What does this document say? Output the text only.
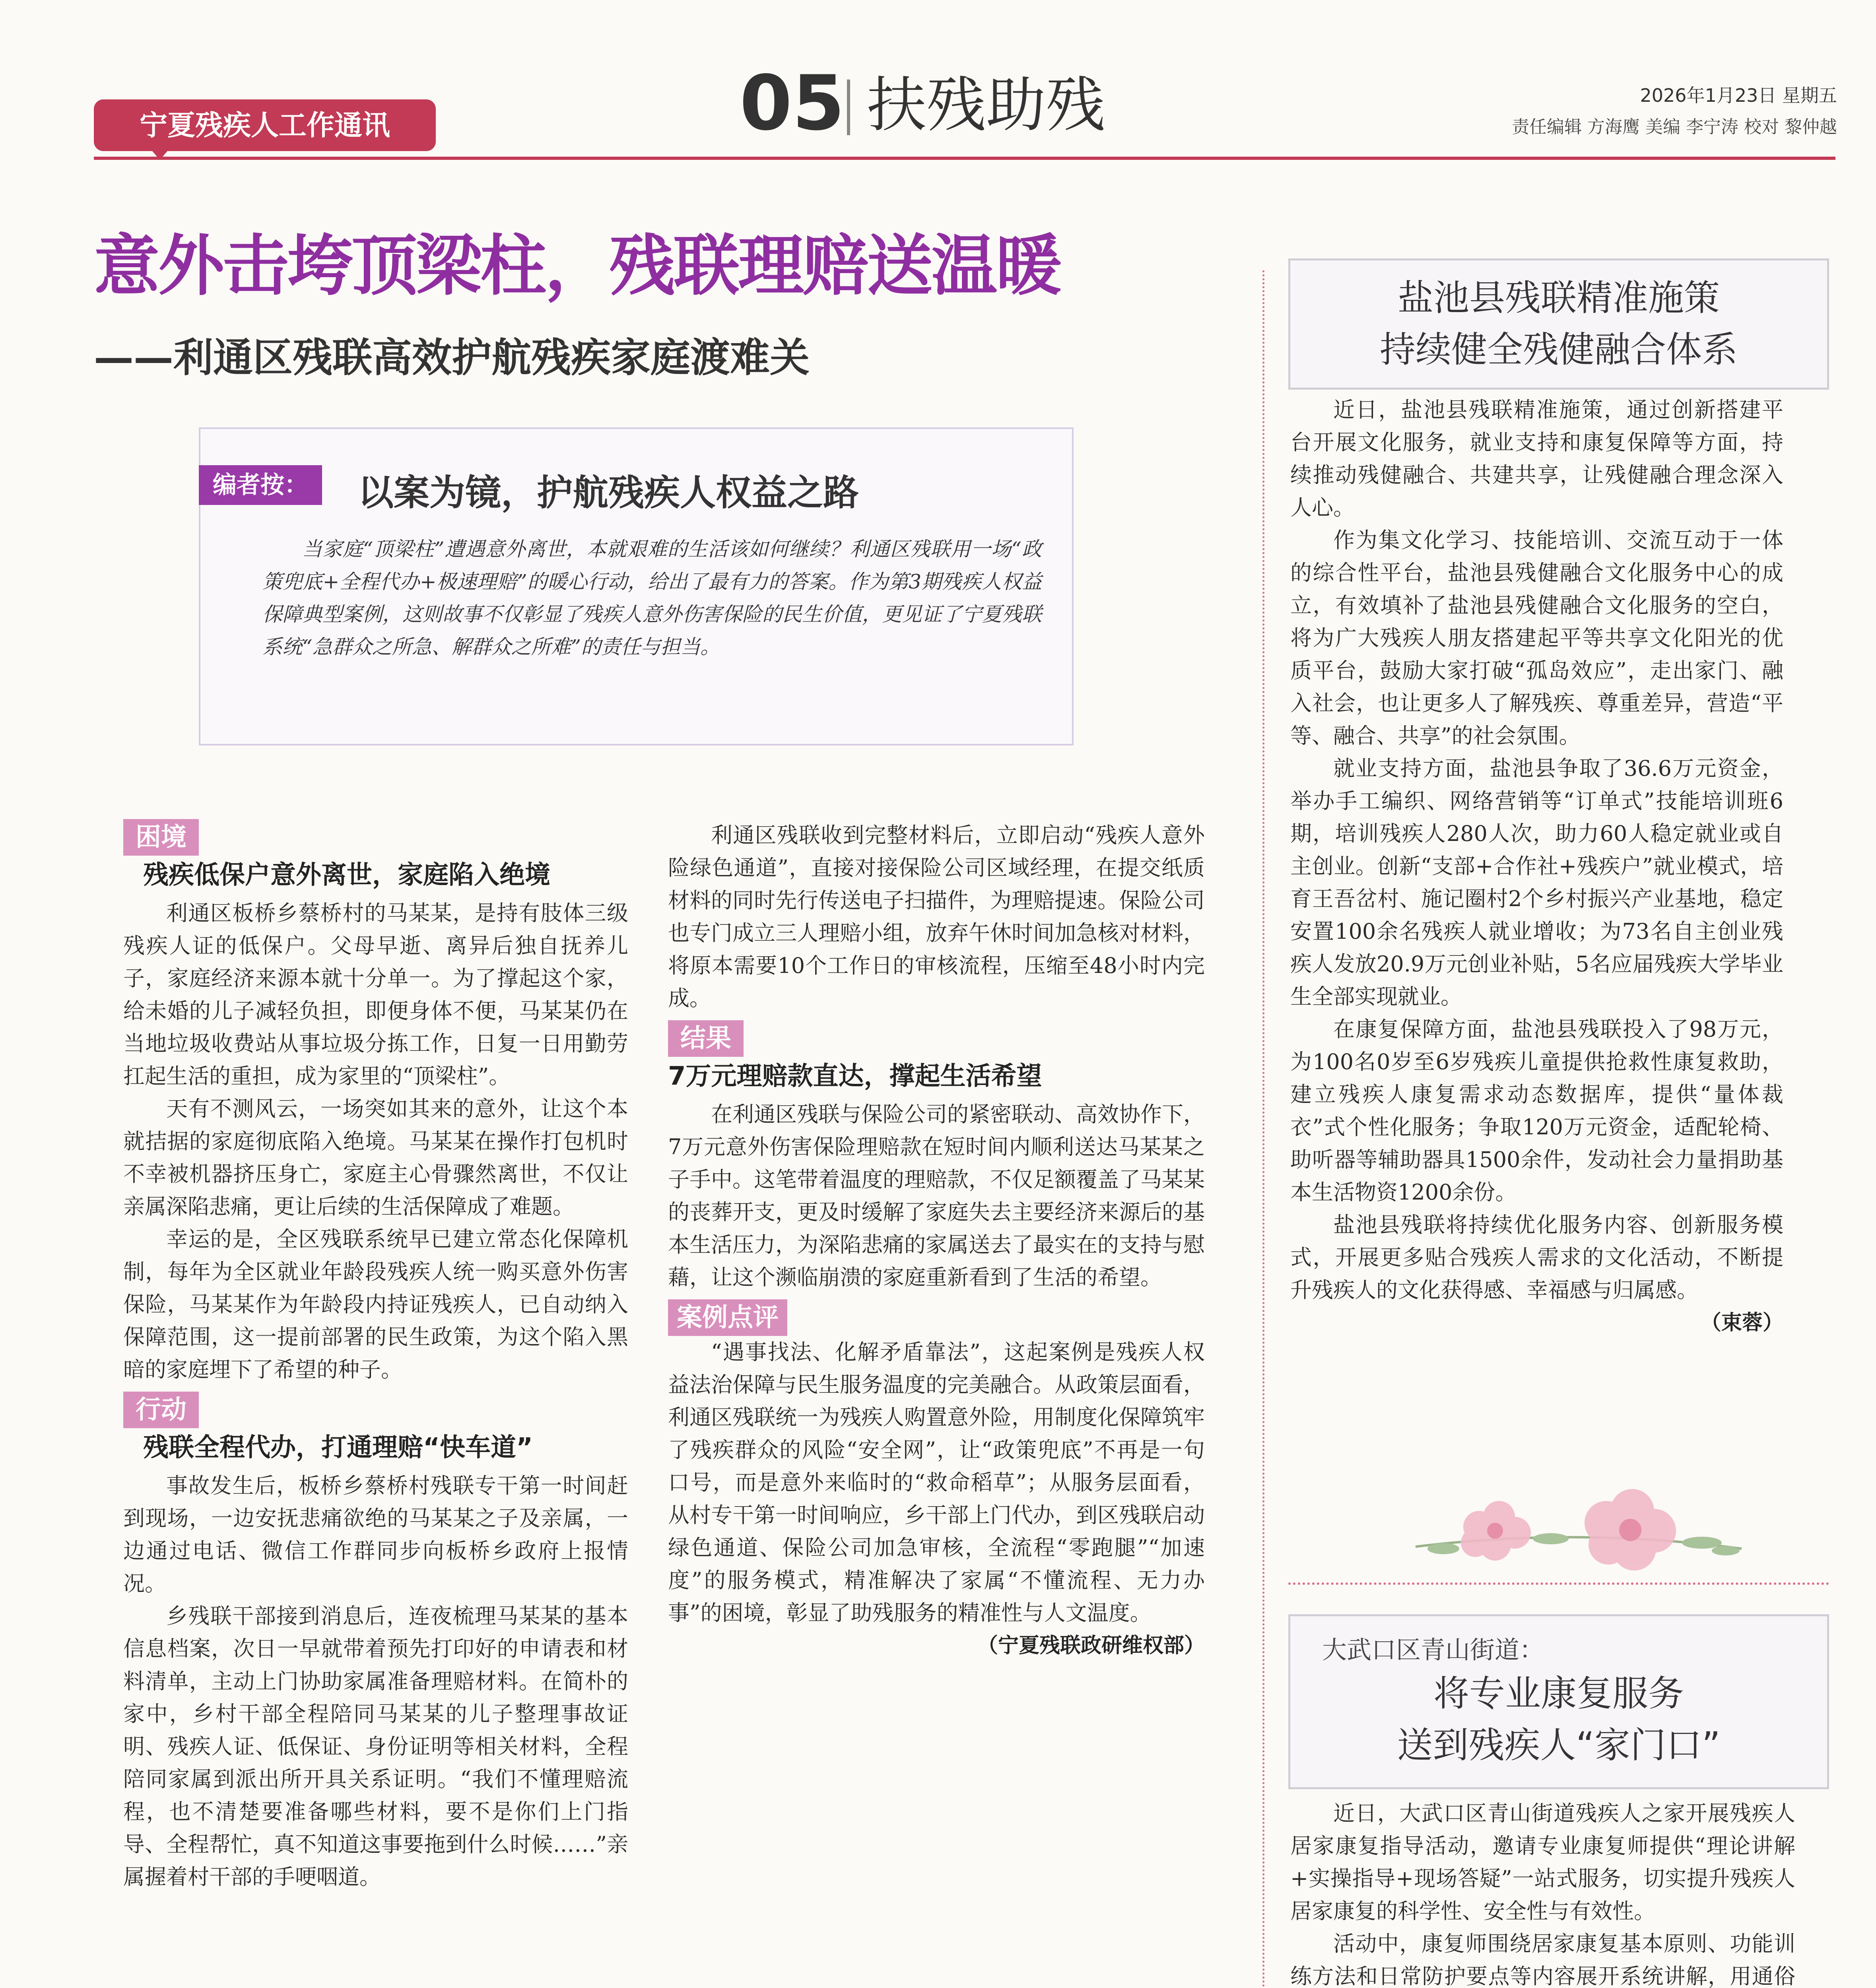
宁夏残疾人工作通讯	05 扶残助残	2026年1月23日 星期五
责任编辑 方海鹰 美编 李宁涛 校对 黎仲越
意外击垮顶梁柱，残联理赔送温暖
——利通区残联高效护航残疾家庭渡难关
编者按：	以案为镜，护航残疾人权益之路

当家庭“顶梁柱”遭遇意外离世，本就艰难的生活该如何继续？利通区残联用一场“政策兜底+全程代办+极速理赔”的暖心行动，给出了最有力的答案。作为第3期残疾人权益保障典型案例，这则故事不仅彰显了残疾人意外伤害保险的民生价值，更见证了宁夏残联系统“急群众之所急、解群众之所难”的责任与担当。

困境
残疾低保户意外离世，家庭陷入绝境

利通区板桥乡蔡桥村的马某某，是持有肢体三级残疾人证的低保户。父母早逝、离异后独自抚养儿子，家庭经济来源本就十分单一。为了撑起这个家，给未婚的儿子减轻负担，即便身体不便，马某某仍在当地垃圾收费站从事垃圾分拣工作，日复一日用勤劳扛起生活的重担，成为家里的“顶梁柱”。

天有不测风云，一场突如其来的意外，让这个本就拮据的家庭彻底陷入绝境。马某某在操作打包机时不幸被机器挤压身亡，家庭主心骨骤然离世，不仅让亲属深陷悲痛，更让后续的生活保障成了难题。

幸运的是，全区残联系统早已建立常态化保障机制，每年为全区就业年龄段残疾人统一购买意外伤害保险，马某某作为年龄段内持证残疾人，已自动纳入保障范围，这一提前部署的民生政策，为这个陷入黑暗的家庭埋下了希望的种子。

行动
残联全程代办，打通理赔“快车道”

事故发生后，板桥乡蔡桥村残联专干第一时间赶到现场，一边安抚悲痛欲绝的马某某之子及亲属，一边通过电话、微信工作群同步向板桥乡政府上报情况。

乡残联干部接到消息后，连夜梳理马某某的基本信息档案，次日一早就带着预先打印好的申请表和材料清单，主动上门协助家属准备理赔材料。在简朴的家中，乡村干部全程陪同马某某的儿子整理事故证明、残疾人证、低保证、身份证明等相关材料，全程陪同家属到派出所开具关系证明。“我们不懂理赔流程，也不清楚要准备哪些材料，要不是你们上门指导、全程帮忙，真不知道这事要拖到什么时候……”亲属握着村干部的手哽咽道。

利通区残联收到完整材料后，立即启动“残疾人意外险绿色通道”，直接对接保险公司区域经理，在提交纸质材料的同时先行传送电子扫描件，为理赔提速。保险公司也专门成立三人理赔小组，放弃午休时间加急核对材料，将原本需要10个工作日的审核流程，压缩至48小时内完成。

结果
7万元理赔款直达，撑起生活希望

在利通区残联与保险公司的紧密联动、高效协作下，7万元意外伤害保险理赔款在短时间内顺利送达马某某之子手中。这笔带着温度的理赔款，不仅足额覆盖了马某某的丧葬开支，更及时缓解了家庭失去主要经济来源后的基本生活压力，为深陷悲痛的家属送去了最实在的支持与慰藉，让这个濒临崩溃的家庭重新看到了生活的希望。

案例点评

“遇事找法、化解矛盾靠法”，这起案例是残疾人权益法治保障与民生服务温度的完美融合。从政策层面看，利通区残联统一为残疾人购置意外险，用制度化保障筑牢了残疾群众的风险“安全网”，让“政策兜底”不再是一句口号，而是意外来临时的“救命稻草”；从服务层面看，从村专干第一时间响应，乡干部上门代办，到区残联启动绿色通道、保险公司加急审核，全流程“零跑腿”“加速度”的服务模式，精准解决了家属“不懂流程、无力办事”的困境，彰显了助残服务的精准性与人文温度。

（宁夏残联政研维权部）
盐池县残联精准施策
持续健全残健融合体系

近日，盐池县残联精准施策，通过创新搭建平台开展文化服务，就业支持和康复保障等方面，持续推动残健融合、共建共享，让残健融合理念深入人心。

作为集文化学习、技能培训、交流互动于一体的综合性平台，盐池县残健融合文化服务中心的成立，有效填补了盐池县残健融合文化服务的空白，将为广大残疾人朋友搭建起平等共享文化阳光的优质平台，鼓励大家打破“孤岛效应”，走出家门、融入社会，也让更多人了解残疾、尊重差异，营造“平等、融合、共享”的社会氛围。

就业支持方面，盐池县争取了36.6万元资金，举办手工编织、网络营销等“订单式”技能培训班6期，培训残疾人280人次，助力60人稳定就业或自主创业。创新“支部+合作社+残疾户”就业模式，培育王吾岔村、施记圈村2个乡村振兴产业基地，稳定安置100余名残疾人就业增收；为73名自主创业残疾人发放20.9万元创业补贴，5名应届残疾大学毕业生全部实现就业。

在康复保障方面，盐池县残联投入了98万元，为100名0岁至6岁残疾儿童提供抢救性康复救助，建立残疾人康复需求动态数据库，提供“量体裁衣”式个性化服务；争取120万元资金，适配轮椅、助听器等辅助器具1500余件，发动社会力量捐助基本生活物资1200余份。

盐池县残联将持续优化服务内容、创新服务模式，开展更多贴合残疾人需求的文化活动，不断提升残疾人的文化获得感、幸福感与归属感。

（束蓉）
大武口区青山街道：
将专业康复服务
送到残疾人“家门口”

近日，大武口区青山街道残疾人之家开展残疾人居家康复指导活动，邀请专业康复师提供“理论讲解+实操指导+现场答疑”一站式服务，切实提升残疾人居家康复的科学性、安全性与有效性。

活动中，康复师围绕居家康复基本原则、功能训练方法和日常防护要点等内容展开系统讲解，用通俗
